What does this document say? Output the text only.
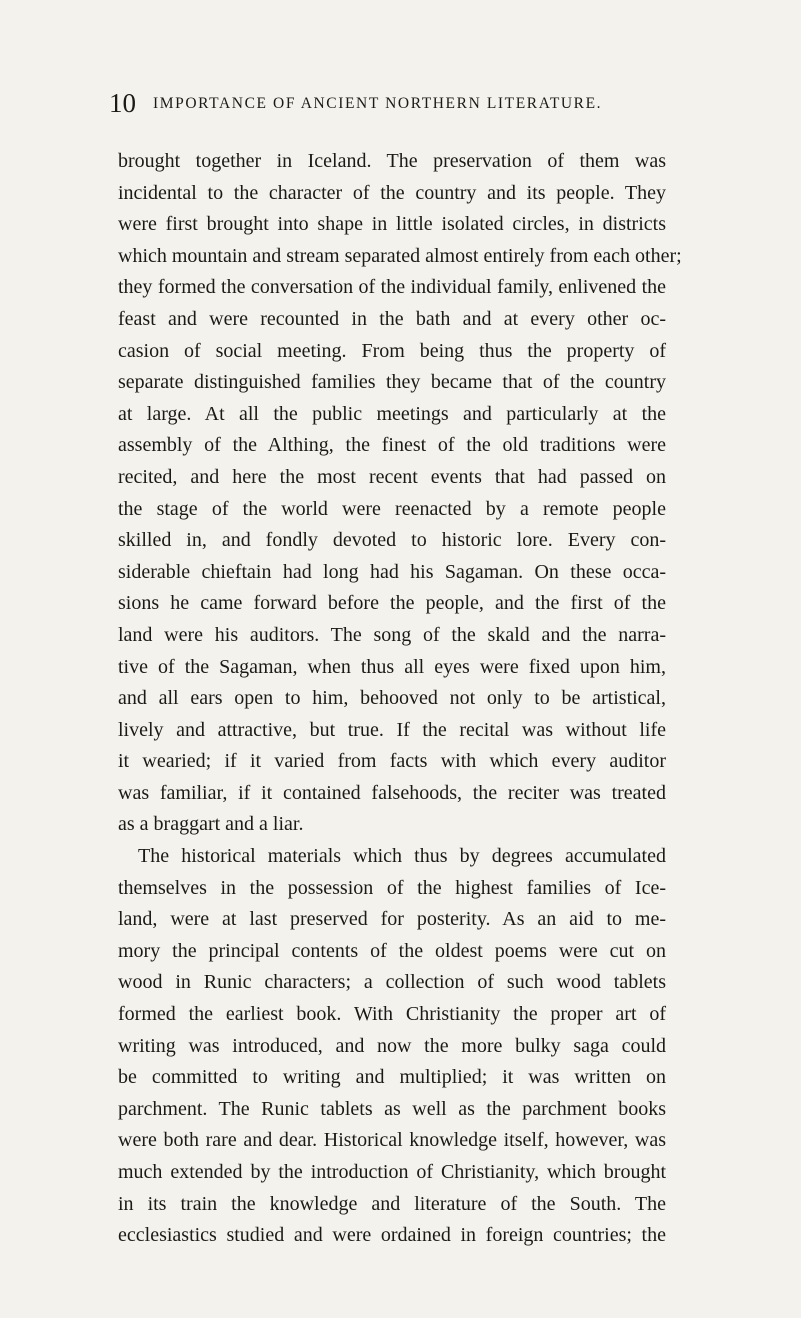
10 IMPORTANCE OF ANCIENT NORTHERN LITERATURE.
brought together in Iceland. The preservation of them was
incidental to the character of the country and its people. They
were first brought into shape in little isolated circles, in districts
which mountain and stream separated almost entirely from each other;
they formed the conversation of the individual family, enlivened the
feast and were recounted in the bath and at every other oc-
casion of social meeting. From being thus the property of
separate distinguished families they became that of the country
at large. At all the public meetings and particularly at the
assembly of the Althing, the finest of the old traditions were
recited, and here the most recent events that had passed on
the stage of the world were reenacted by a remote people
skilled in, and fondly devoted to historic lore. Every con-
siderable chieftain had long had his Sagaman. On these occa-
sions he came forward before the people, and the first of the
land were his auditors. The song of the skald and the narra-
tive of the Sagaman, when thus all eyes were fixed upon him,
and all ears open to him, behooved not only to be artistical,
lively and attractive, but true. If the recital was without life
it wearied; if it varied from facts with which every auditor
was familiar, if it contained falsehoods, the reciter was treated
as a braggart and a liar.
The historical materials which thus by degrees accumulated
themselves in the possession of the highest families of Ice-
land, were at last preserved for posterity. As an aid to me-
mory the principal contents of the oldest poems were cut on
wood in Runic characters; a collection of such wood tablets
formed the earliest book. With Christianity the proper art of
writing was introduced, and now the more bulky saga could
be committed to writing and multiplied; it was written on
parchment. The Runic tablets as well as the parchment books
were both rare and dear. Historical knowledge itself, however, was
much extended by the introduction of Christianity, which brought
in its train the knowledge and literature of the South. The
ecclesiastics studied and were ordained in foreign countries; the
